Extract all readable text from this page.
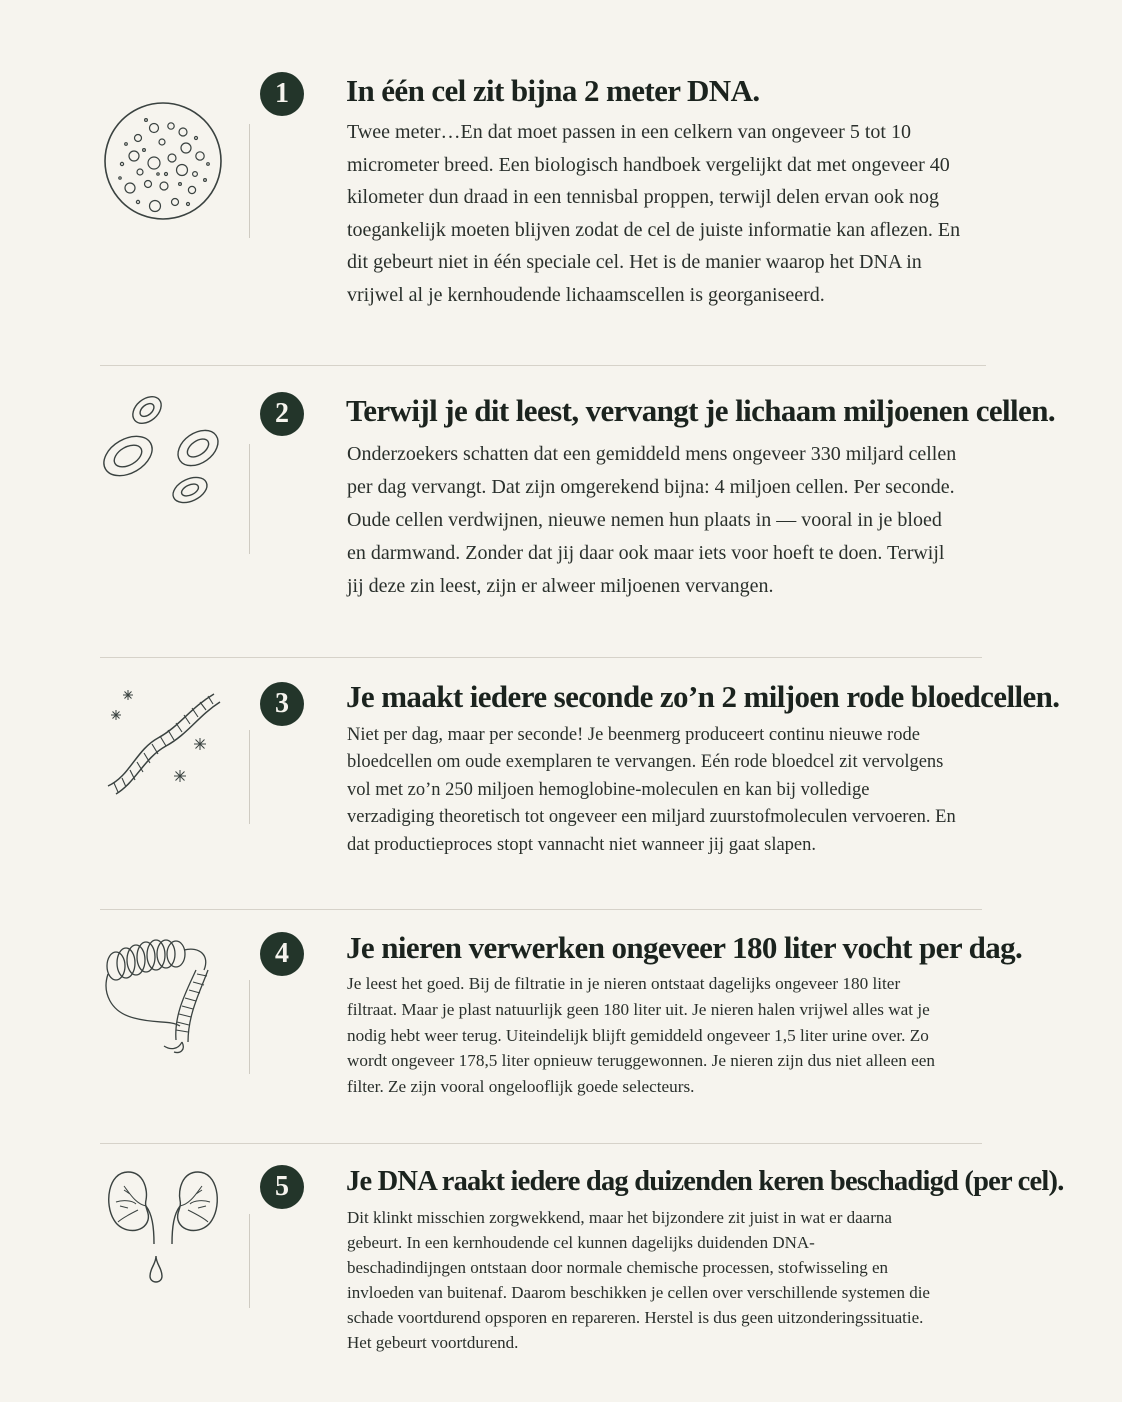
1	In één cel zit bijna 2 meter DNA.

Twee meter…En dat moet passen in een celkern van ongeveer 5 tot 10 micrometer breed. Een biologisch handboek vergelijkt dat met ongeveer 40 kilometer dun draad in een tennisbal proppen, terwijl delen ervan ook nog toegankelijk moeten blijven zodat de cel de juiste informatie kan aflezen. En dit gebeurt niet in één speciale cel. Het is de manier waarop het DNA in vrijwel al je kernhoudende lichaamscellen is georganiseerd.

2	Terwijl je dit leest, vervangt je lichaam miljoenen cellen.

Onderzoekers schatten dat een gemiddeld mens ongeveer 330 miljard cellen per dag vervangt. Dat zijn omgerekend bijna: 4 miljoen cellen. Per seconde. Oude cellen verdwijnen, nieuwe nemen hun plaats in — vooral in je bloed en darmwand. Zonder dat jij daar ook maar iets voor hoeft te doen. Terwijl jij deze zin leest, zijn er alweer miljoenen vervangen.

3	Je maakt iedere seconde zo’n 2 miljoen rode bloedcellen.

Niet per dag, maar per seconde! Je beenmerg produceert continu nieuwe rode bloedcellen om oude exemplaren te vervangen. Eén rode bloedcel zit vervolgens vol met zo’n 250 miljoen hemoglobine-moleculen en kan bij volledige verzadiging theoretisch tot ongeveer een miljard zuurstofmoleculen vervoeren. En dat productieproces stopt vannacht niet wanneer jij gaat slapen.

4	Je nieren verwerken ongeveer 180 liter vocht per dag.

Je leest het goed. Bij de filtratie in je nieren ontstaat dagelijks ongeveer 180 liter filtraat. Maar je plast natuurlijk geen 180 liter uit. Je nieren halen vrijwel alles wat je nodig hebt weer terug. Uiteindelijk blijft gemiddeld ongeveer 1,5 liter urine over. Zo wordt ongeveer 178,5 liter opnieuw teruggewonnen. Je nieren zijn dus niet alleen een filter. Ze zijn vooral ongelooflijk goede selecteurs.

5	Je DNA raakt iedere dag duizenden keren beschadigd (per cel).

Dit klinkt misschien zorgwekkend, maar het bijzondere zit juist in wat er daarna gebeurt. In een kernhoudende cel kunnen dagelijks duidenden DNA-beschadindijngen ontstaan door normale chemische processen, stofwisseling en invloeden van buitenaf. Daarom beschikken je cellen over verschillende systemen die schade voortdurend opsporen en repareren. Herstel is dus geen uitzonderingssituatie. Het gebeurt voortdurend.
